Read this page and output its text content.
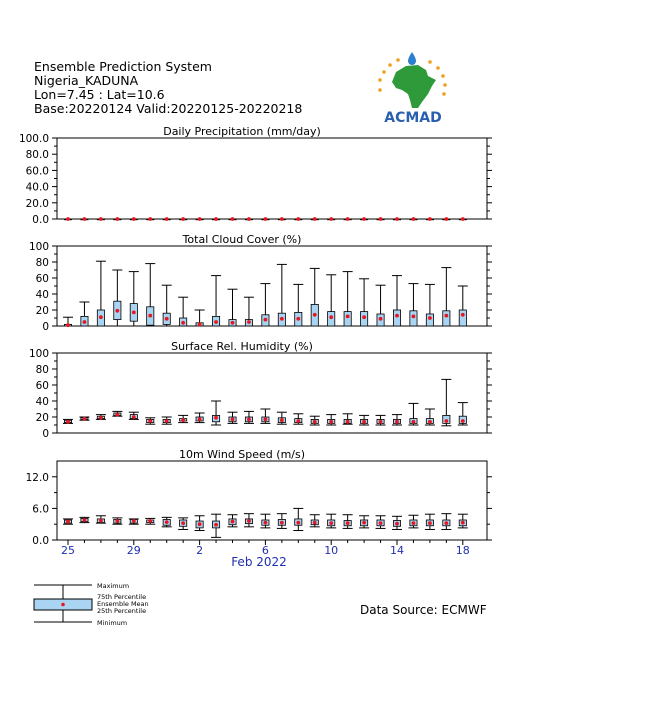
Ensemble Prediction System
Nigeria_KADUNA
Lon=7.45 : Lat=10.6
Base:20220124 Valid:20220125-20220218
ACMAD
Daily Precipitation (mm/day)
0.0
20.0
40.0
60.0
80.0
100.0
Total Cloud Cover (%)
0
20
40
60
80
100
Surface Rel. Humidity (%)
0
20
40
60
80
100
10m Wind Speed (m/s)
0.0
6.0
12.0
25	29	2	6	10	14	18
Feb 2022
Maximum
75th Percentile
Ensemble Mean
25th Percentile
Minimum
Data Source: ECMWF
